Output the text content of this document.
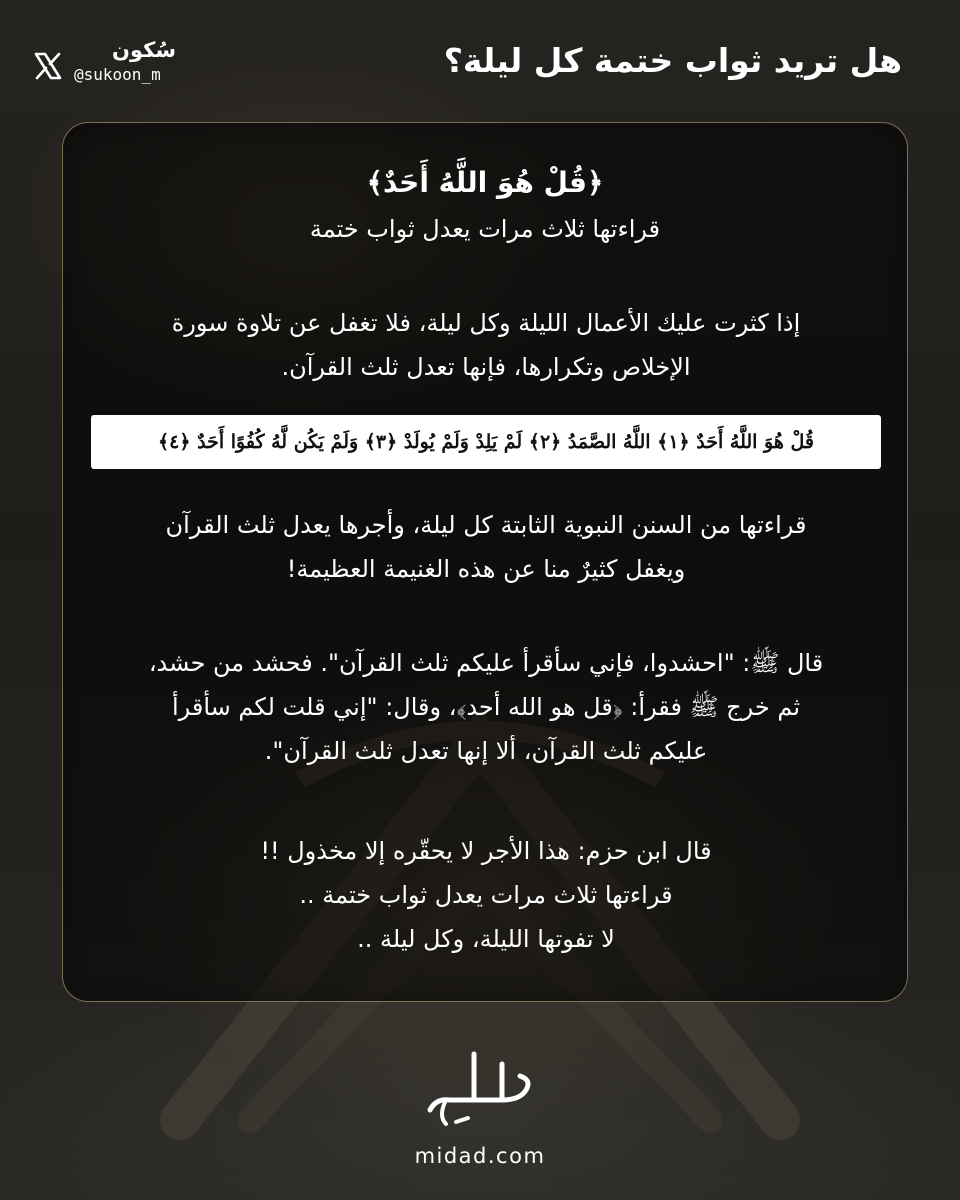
هل تريد ثواب ختمة كل ليلة؟
سُكون
@sukoon_m
﴿قُلْ هُوَ اللَّهُ أَحَدٌ﴾
قراءتها ثلاث مرات يعدل ثواب ختمة
إذا كثرت عليك الأعمال الليلة وكل ليلة، فلا تغفل عن تلاوة سورة
الإخلاص وتكرارها، فإنها تعدل ثلث القرآن.
قُلْ هُوَ اللَّهُ أَحَدٌ ﴿١﴾ اللَّهُ الصَّمَدُ ﴿٢﴾ لَمْ يَلِدْ وَلَمْ يُولَدْ ﴿٣﴾ وَلَمْ يَكُن لَّهُ كُفُوًا أَحَدٌ ﴿٤﴾
قراءتها من السنن النبوية الثابتة كل ليلة، وأجرها يعدل ثلث القرآن
ويغفل كثيرٌ منا عن هذه الغنيمة العظيمة!
قال ﷺ: "احشدوا، فإني سأقرأ عليكم ثلث القرآن". فحشد من حشد،
ثم خرج ﷺ فقرأ: ﴿قل هو الله أحد﴾، وقال: "إني قلت لكم سأقرأ
عليكم ثلث القرآن، ألا إنها تعدل ثلث القرآن".
قال ابن حزم: هذا الأجر لا يحقّره إلا مخذول !!
قراءتها ثلاث مرات يعدل ثواب ختمة ..
لا تفوتها الليلة، وكل ليلة ..
midad.com
